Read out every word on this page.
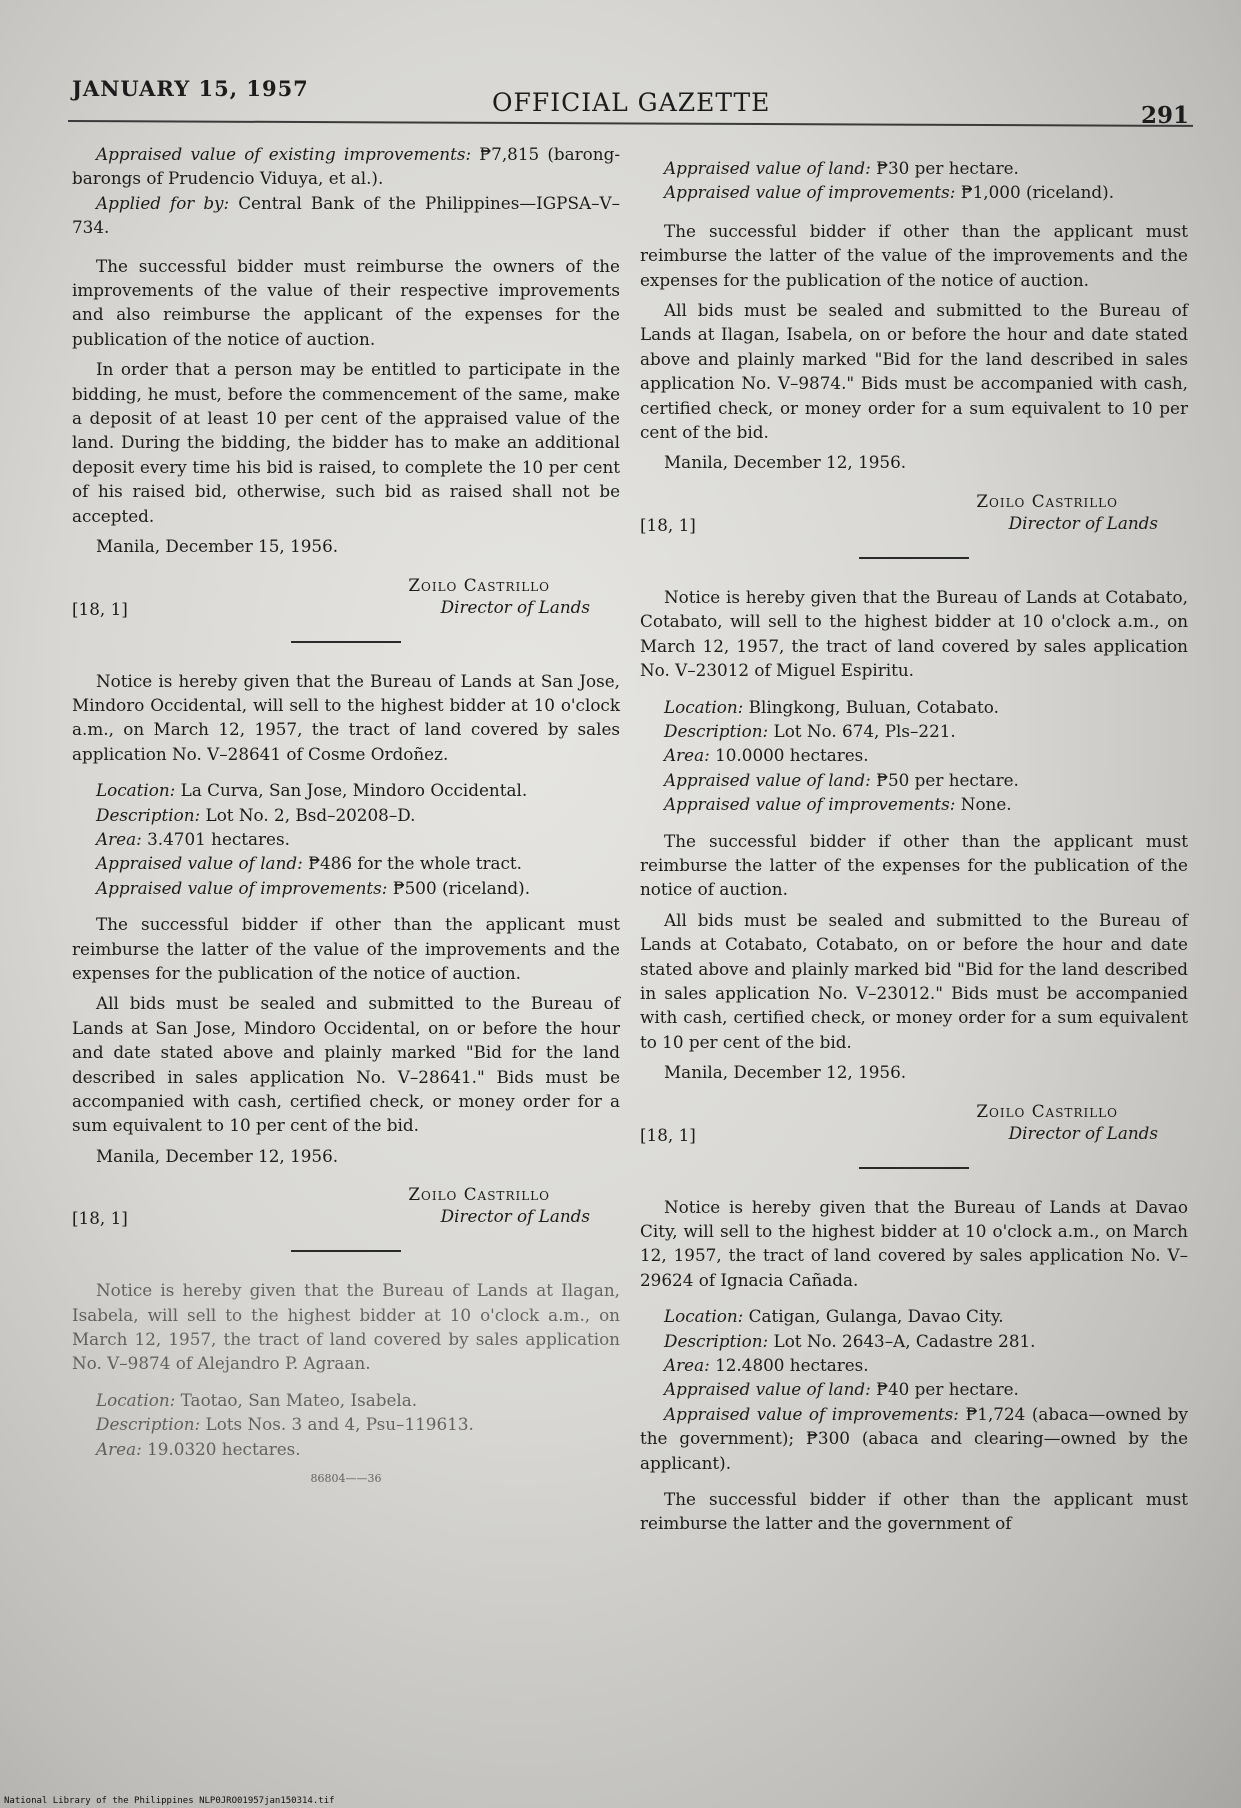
JANUARY 15, 1957	OFFICIAL GAZETTE	291

Appraised value of existing improvements: ₱7,815 (barong-barongs of Prudencio Viduya, et al.).

Applied for by: Central Bank of the Philippines—IGPSA–V–734.

The successful bidder must reimburse the owners of the improvements of the value of their respective improvements and also reimburse the applicant of the expenses for the publication of the notice of auction.

In order that a person may be entitled to participate in the bidding, he must, before the commencement of the same, make a deposit of at least 10 per cent of the appraised value of the land. During the bidding, the bidder has to make an additional deposit every time his bid is raised, to complete the 10 per cent of his raised bid, otherwise, such bid as raised shall not be accepted.

Manila, December 15, 1956.

[18, 1]
Zoilo Castrillo
Director of Lands

Notice is hereby given that the Bureau of Lands at San Jose, Mindoro Occidental, will sell to the highest bidder at 10 o'clock a.m., on March 12, 1957, the tract of land covered by sales application No. V–28641 of Cosme Ordoñez.

Location: La Curva, San Jose, Mindoro Occidental.

Description: Lot No. 2, Bsd–20208–D.

Area: 3.4701 hectares.

Appraised value of land: ₱486 for the whole tract.

Appraised value of improvements: ₱500 (riceland).

The successful bidder if other than the applicant must reimburse the latter of the value of the improvements and the expenses for the publication of the notice of auction.

All bids must be sealed and submitted to the Bureau of Lands at San Jose, Mindoro Occidental, on or before the hour and date stated above and plainly marked "Bid for the land described in sales application No. V–28641." Bids must be accompanied with cash, certified check, or money order for a sum equivalent to 10 per cent of the bid.

Manila, December 12, 1956.

[18, 1]
Zoilo Castrillo
Director of Lands

Notice is hereby given that the Bureau of Lands at Ilagan, Isabela, will sell to the highest bidder at 10 o'clock a.m., on March 12, 1957, the tract of land covered by sales application No. V–9874 of Alejandro P. Agraan.

Location: Taotao, San Mateo, Isabela.

Description: Lots Nos. 3 and 4, Psu–119613.

Area: 19.0320 hectares.

86804——36

Appraised value of land: ₱30 per hectare.

Appraised value of improvements: ₱1,000 (riceland).

The successful bidder if other than the applicant must reimburse the latter of the value of the improvements and the expenses for the publication of the notice of auction.

All bids must be sealed and submitted to the Bureau of Lands at Ilagan, Isabela, on or before the hour and date stated above and plainly marked "Bid for the land described in sales application No. V–9874." Bids must be accompanied with cash, certified check, or money order for a sum equivalent to 10 per cent of the bid.

Manila, December 12, 1956.

[18, 1]
Zoilo Castrillo
Director of Lands

Notice is hereby given that the Bureau of Lands at Cotabato, Cotabato, will sell to the highest bidder at 10 o'clock a.m., on March 12, 1957, the tract of land covered by sales application No. V–23012 of Miguel Espiritu.

Location: Blingkong, Buluan, Cotabato.

Description: Lot No. 674, Pls–221.

Area: 10.0000 hectares.

Appraised value of land: ₱50 per hectare.

Appraised value of improvements: None.

The successful bidder if other than the applicant must reimburse the latter of the expenses for the publication of the notice of auction.

All bids must be sealed and submitted to the Bureau of Lands at Cotabato, Cotabato, on or before the hour and date stated above and plainly marked bid "Bid for the land described in sales application No. V–23012." Bids must be accompanied with cash, certified check, or money order for a sum equivalent to 10 per cent of the bid.

Manila, December 12, 1956.

[18, 1]
Zoilo Castrillo
Director of Lands

Notice is hereby given that the Bureau of Lands at Davao City, will sell to the highest bidder at 10 o'clock a.m., on March 12, 1957, the tract of land covered by sales application No. V–29624 of Ignacia Cañada.

Location: Catigan, Gulanga, Davao City.

Description: Lot No. 2643–A, Cadastre 281.

Area: 12.4800 hectares.

Appraised value of land: ₱40 per hectare.

Appraised value of improvements: ₱1,724 (abaca—owned by the government); ₱300 (abaca and clearing—owned by the applicant).

The successful bidder if other than the applicant must reimburse the latter and the government of

National Library of the Philippines NLP0JRO01957jan150314.tif
